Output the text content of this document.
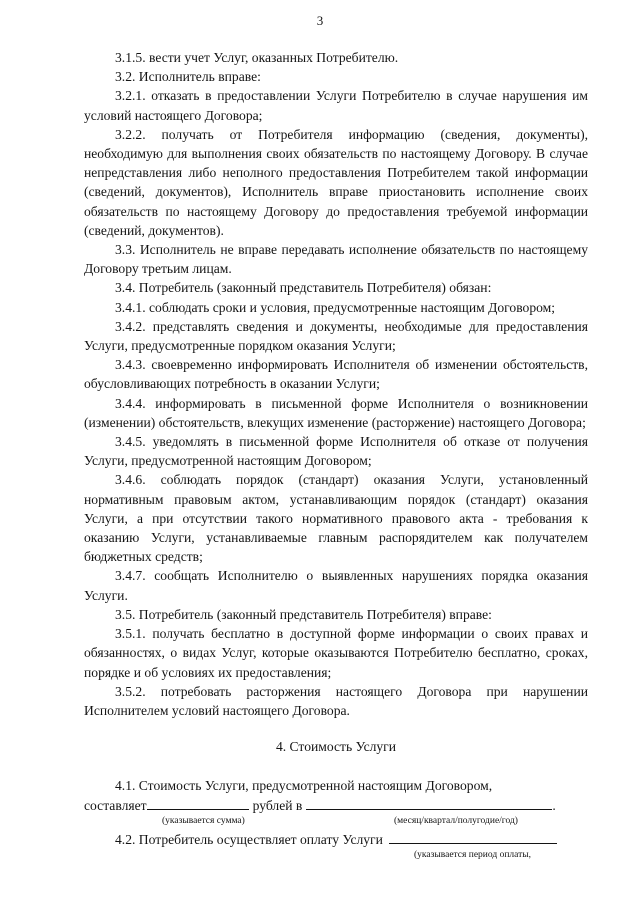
3

3.1.5. вести учет Услуг, оказанных Потребителю.

3.2. Исполнитель вправе:

3.2.1. отказать в предоставлении Услуги Потребителю в случае нарушения им условий настоящего Договора;

3.2.2. получать от Потребителя информацию (сведения, документы), необходимую для выполнения своих обязательств по настоящему Договору. В случае непредставления либо неполного предоставления Потребителем такой информации (сведений, документов), Исполнитель вправе приостановить исполнение своих обязательств по настоящему Договору до предоставления требуемой информации (сведений, документов).

3.3. Исполнитель не вправе передавать исполнение обязательств по настоящему Договору третьим лицам.

3.4. Потребитель (законный представитель Потребителя) обязан:

3.4.1. соблюдать сроки и условия, предусмотренные настоящим Договором;

3.4.2. представлять сведения и документы, необходимые для предоставления Услуги, предусмотренные порядком оказания Услуги;

3.4.3. своевременно информировать Исполнителя об изменении обстоятельств, обусловливающих потребность в оказании Услуги;

3.4.4. информировать в письменной форме Исполнителя о возникновении (изменении) обстоятельств, влекущих изменение (расторжение) настоящего Договора;

3.4.5. уведомлять в письменной форме Исполнителя об отказе от получения Услуги, предусмотренной настоящим Договором;

3.4.6. соблюдать порядок (стандарт) оказания Услуги, установленный нормативным правовым актом, устанавливающим порядок (стандарт) оказания Услуги, а при отсутствии такого нормативного правового акта - требования к оказанию Услуги, устанавливаемые главным распорядителем как получателем бюджетных средств;

3.4.7. сообщать Исполнителю о выявленных нарушениях порядка оказания Услуги.

3.5. Потребитель (законный представитель Потребителя) вправе:

3.5.1. получать бесплатно в доступной форме информации о своих правах и обязанностях, о видах Услуг, которые оказываются Потребителю бесплатно, сроках, порядке и об условиях их предоставления;

3.5.2. потребовать расторжения настоящего Договора при нарушении Исполнителем условий настоящего Договора.

4. Стоимость Услуги

4.1. Стоимость Услуги, предусмотренной настоящим Договором,

составляет	рублей в	.
(указывается сумма)	(месяц/квартал/полугодие/год)
4.2. Потребитель осуществляет оплату Услуги
(указывается период оплаты,
